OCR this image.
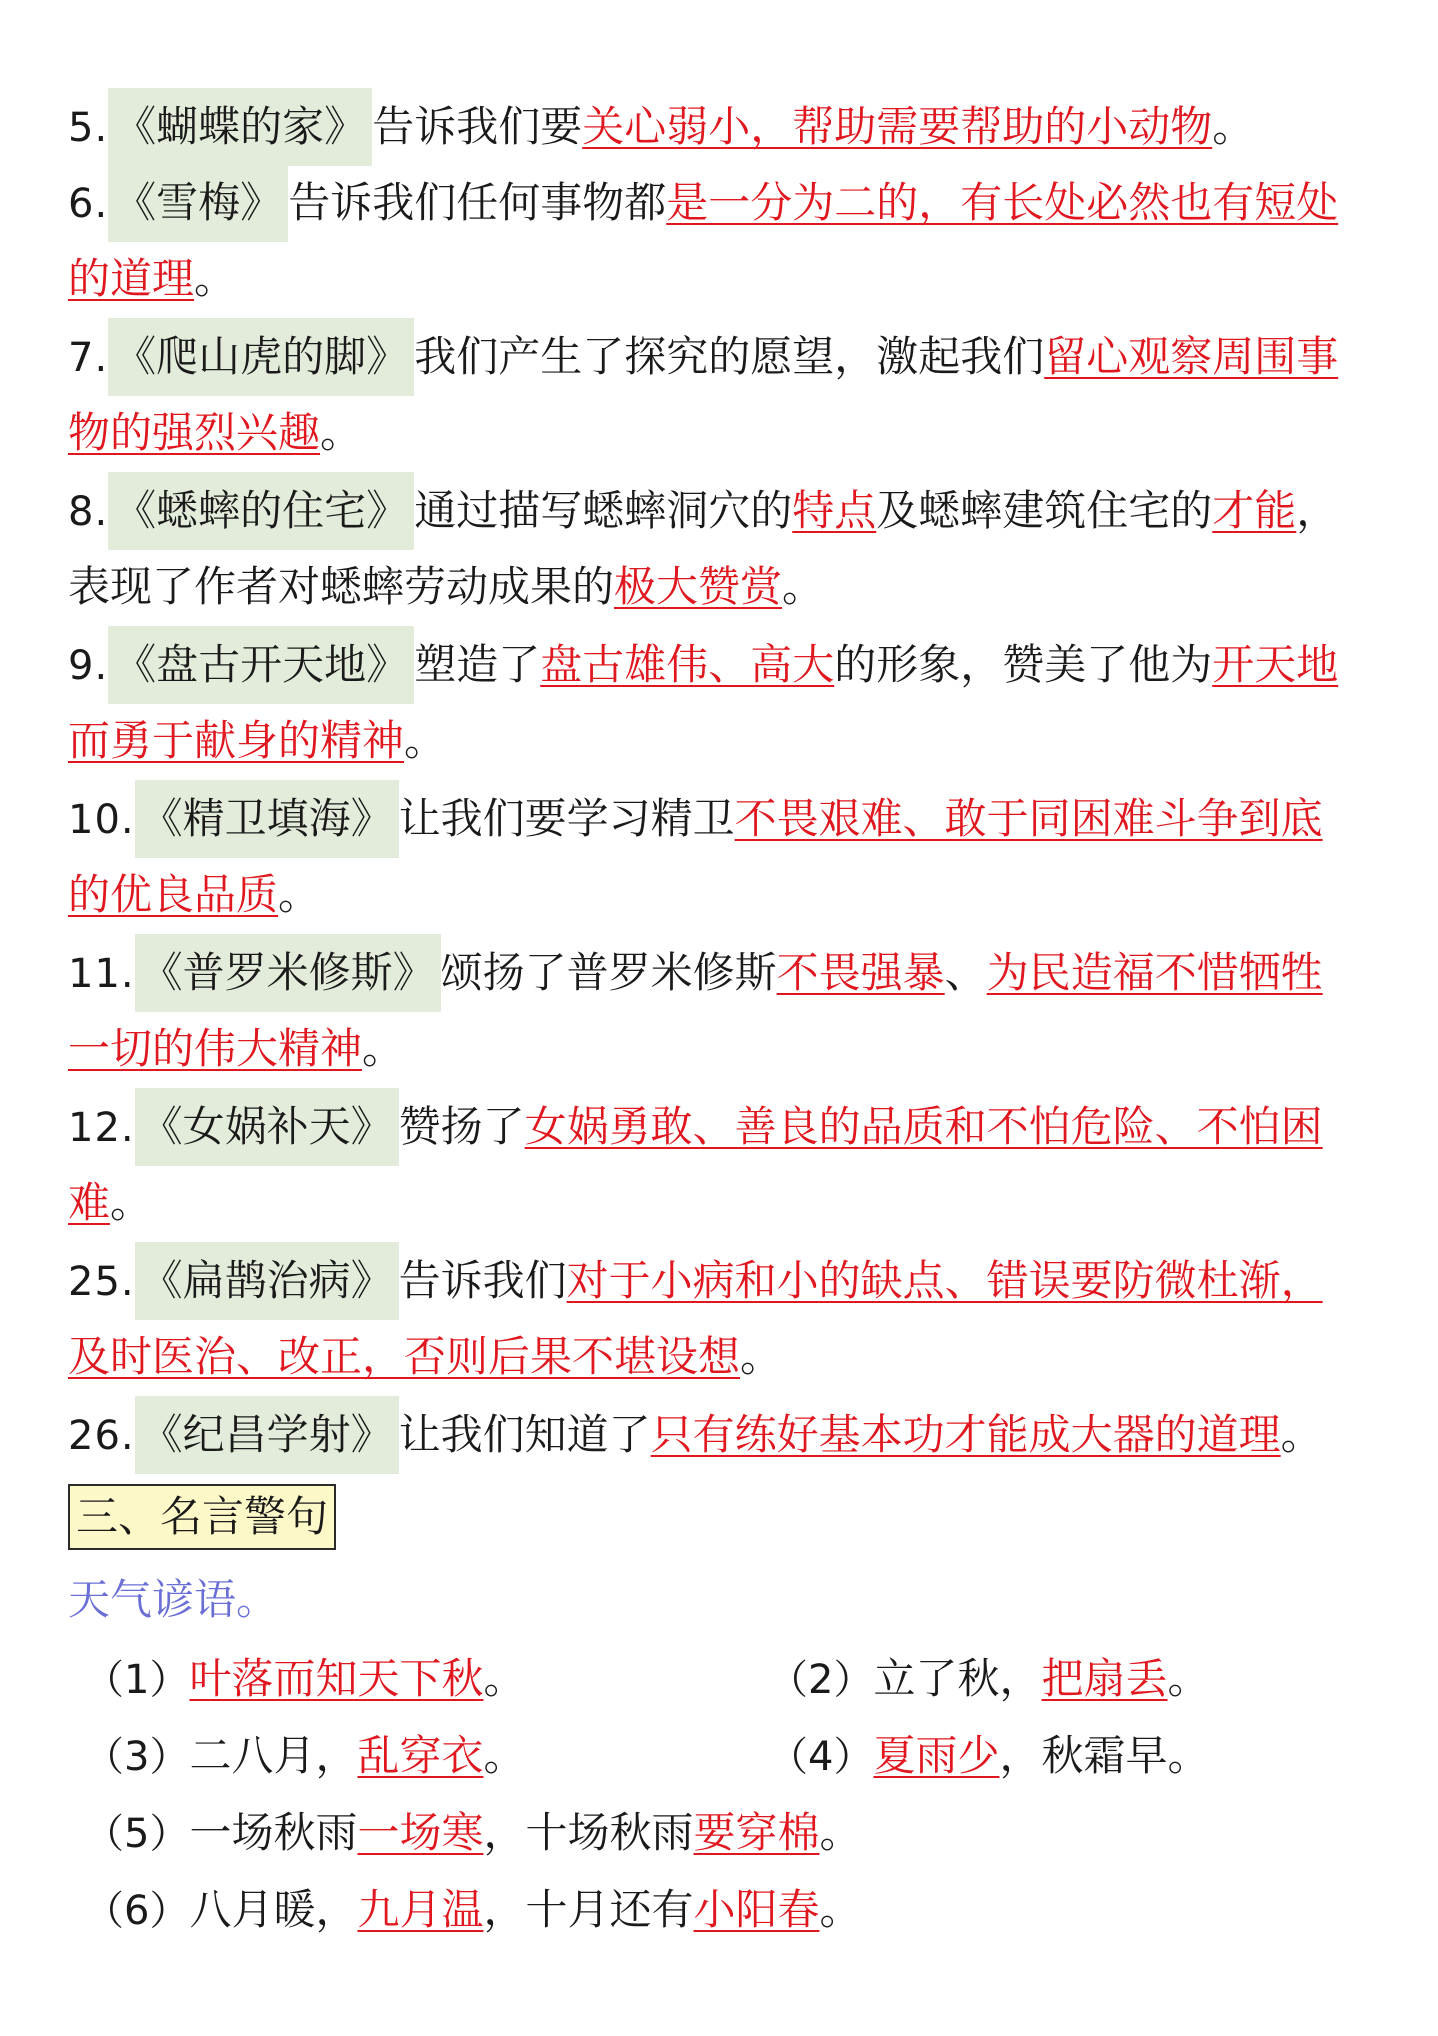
5. 《蝴蝶的家》 告诉我们要关心弱小，帮助需要帮助的小动物。
6. 《雪梅》 告诉我们任何事物都是一分为二的，有长处必然也有短处
的道理。
7. 《爬山虎的脚》 我们产生了探究的愿望，激起我们留心观察周围事
物的强烈兴趣。
8. 《蟋蟀的住宅》 通过描写蟋蟀洞穴的特点及蟋蟀建筑住宅的才能，
表现了作者对蟋蟀劳动成果的极大赞赏。
9. 《盘古开天地》 塑造了盘古雄伟、高大的形象，赞美了他为开天地
而勇于献身的精神。
10. 《精卫填海》 让我们要学习精卫不畏艰难、敢于同困难斗争到底
的优良品质。
11. 《普罗米修斯》 颂扬了普罗米修斯不畏强暴、为民造福不惜牺牲
一切的伟大精神。
12. 《女娲补天》 赞扬了女娲勇敢、善良的品质和不怕危险、不怕困
难。
25. 《扁鹊治病》 告诉我们对于小病和小的缺点、错误要防微杜渐，
及时医治、改正，否则后果不堪设想。
26. 《纪昌学射》 让我们知道了只有练好基本功才能成大器的道理。
三、名言警句
天气谚语。
（1）叶落而知天下秋。	（2）立了秋，把扇丢。
（3）二八月，乱穿衣。	（4）夏雨少，秋霜早。
（5）一场秋雨一场寒，十场秋雨要穿棉。
（6）八月暖，九月温，十月还有小阳春。
